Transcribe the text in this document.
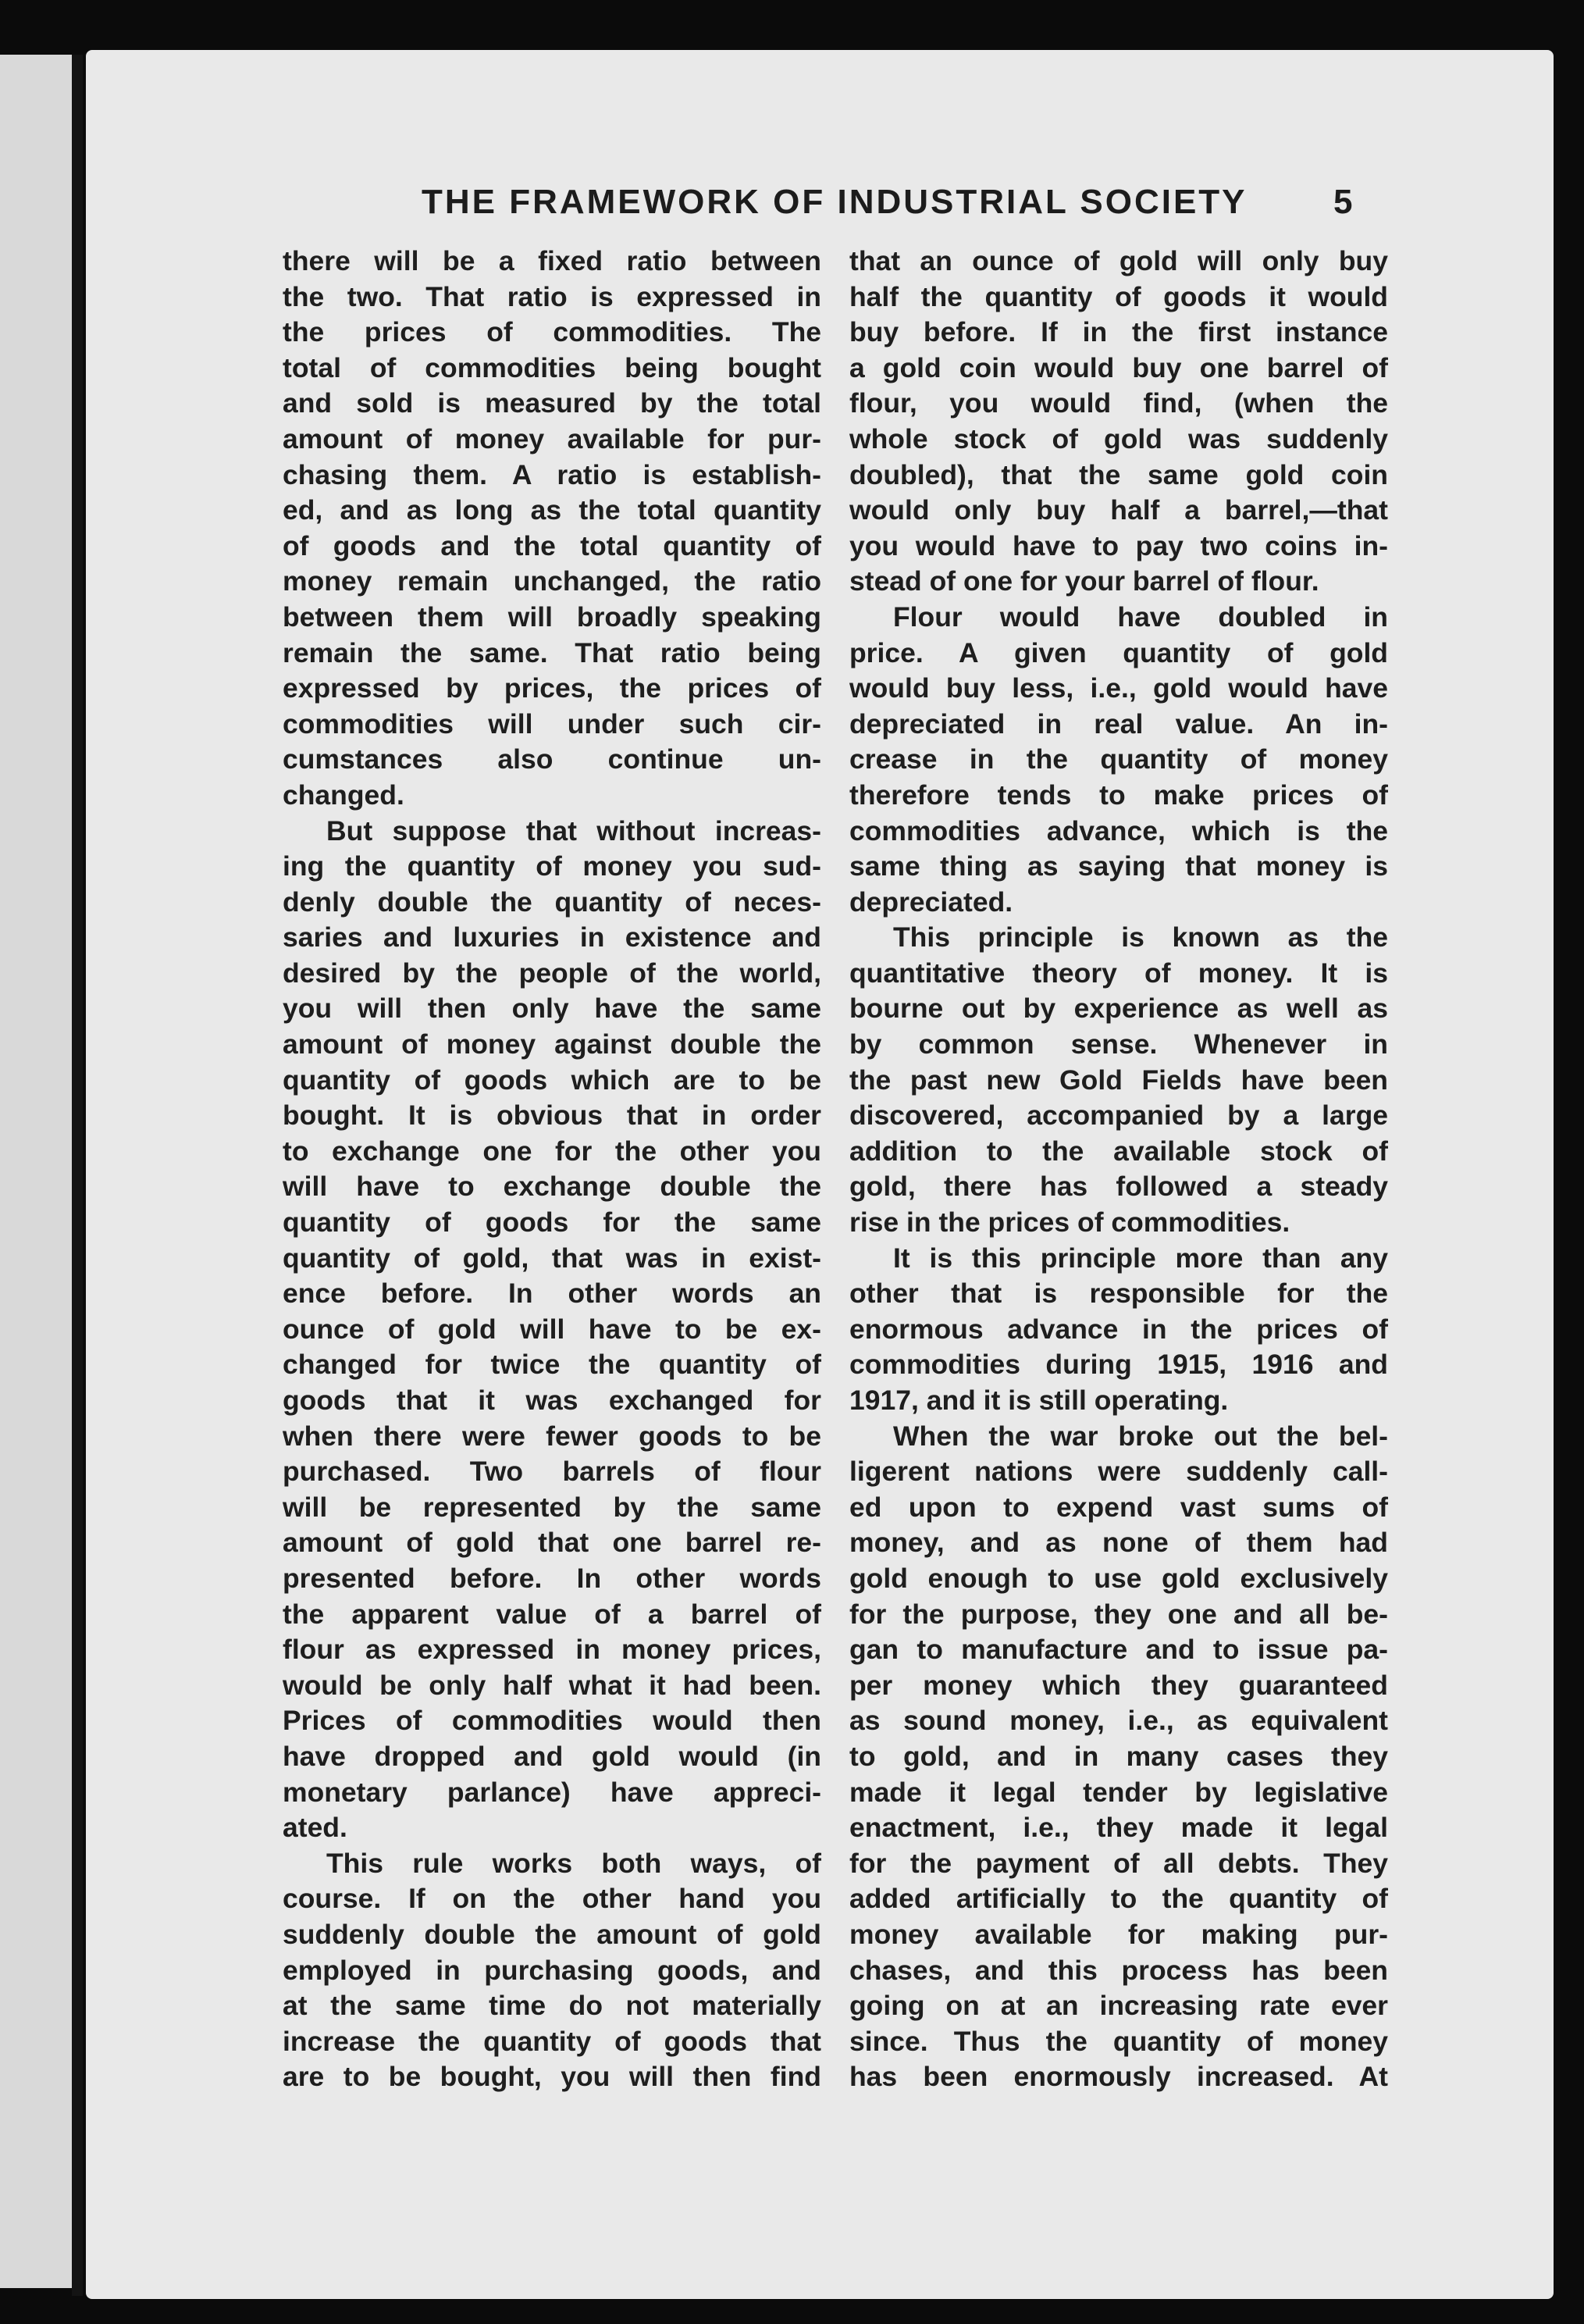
THE FRAMEWORK OF INDUSTRIAL SOCIETY	5
there will be a fixed ratio between
the two. That ratio is expressed in
the prices of commodities. The
total of commodities being bought
and sold is measured by the total
amount of money available for pur-
chasing them. A ratio is establish-
ed, and as long as the total quantity
of goods and the total quantity of
money remain unchanged, the ratio
between them will broadly speaking
remain the same. That ratio being
expressed by prices, the prices of
commodities will under such cir-
cumstances also continue un-
changed.
But suppose that without increas-
ing the quantity of money you sud-
denly double the quantity of neces-
saries and luxuries in existence and
desired by the people of the world,
you will then only have the same
amount of money against double the
quantity of goods which are to be
bought. It is obvious that in order
to exchange one for the other you
will have to exchange double the
quantity of goods for the same
quantity of gold, that was in exist-
ence before. In other words an
ounce of gold will have to be ex-
changed for twice the quantity of
goods that it was exchanged for
when there were fewer goods to be
purchased. Two barrels of flour
will be represented by the same
amount of gold that one barrel re-
presented before. In other words
the apparent value of a barrel of
flour as expressed in money prices,
would be only half what it had been.
Prices of commodities would then
have dropped and gold would (in
monetary parlance) have appreci-
ated.
This rule works both ways, of
course. If on the other hand you
suddenly double the amount of gold
employed in purchasing goods, and
at the same time do not materially
increase the quantity of goods that
are to be bought, you will then find
that an ounce of gold will only buy
half the quantity of goods it would
buy before. If in the first instance
a gold coin would buy one barrel of
flour, you would find, (when the
whole stock of gold was suddenly
doubled), that the same gold coin
would only buy half a barrel,—that
you would have to pay two coins in-
stead of one for your barrel of flour.
Flour would have doubled in
price. A given quantity of gold
would buy less, i.e., gold would have
depreciated in real value. An in-
crease in the quantity of money
therefore tends to make prices of
commodities advance, which is the
same thing as saying that money is
depreciated.
This principle is known as the
quantitative theory of money. It is
bourne out by experience as well as
by common sense. Whenever in
the past new Gold Fields have been
discovered, accompanied by a large
addition to the available stock of
gold, there has followed a steady
rise in the prices of commodities.
It is this principle more than any
other that is responsible for the
enormous advance in the prices of
commodities during 1915, 1916 and
1917, and it is still operating.
When the war broke out the bel-
ligerent nations were suddenly call-
ed upon to expend vast sums of
money, and as none of them had
gold enough to use gold exclusively
for the purpose, they one and all be-
gan to manufacture and to issue pa-
per money which they guaranteed
as sound money, i.e., as equivalent
to gold, and in many cases they
made it legal tender by legislative
enactment, i.e., they made it legal
for the payment of all debts. They
added artificially to the quantity of
money available for making pur-
chases, and this process has been
going on at an increasing rate ever
since. Thus the quantity of money
has been enormously increased. At
